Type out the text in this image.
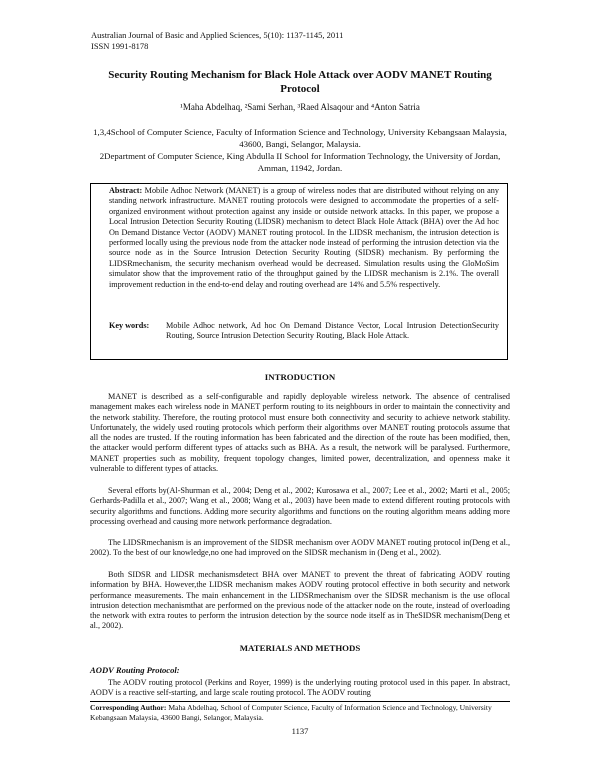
Australian Journal of Basic and Applied Sciences, 5(10): 1137-1145, 2011
ISSN 1991-8178
Security Routing Mechanism for Black Hole Attack over AODV MANET Routing Protocol
¹Maha Abdelhaq, ²Sami Serhan, ³Raed Alsaqour and ⁴Anton Satria
1,3,4School of Computer Science, Faculty of Information Science and Technology, University Kebangsaan Malaysia, 43600, Bangi, Selangor, Malaysia.
2Department of Computer Science, King Abdulla II School for Information Technology, the University of Jordan, Amman, 11942, Jordan.
Abstract: Mobile Adhoc Network (MANET) is a group of wireless nodes that are distributed without relying on any standing network infrastructure. MANET routing protocols were designed to accommodate the properties of a self-organized environment without protection against any inside or outside network attacks. In this paper, we propose a Local Intrusion Detection Security Routing (LIDSR) mechanism to detect Black Hole Attack (BHA) over the Ad hoc On Demand Distance Vector (AODV) MANET routing protocol. In the LIDSR mechanism, the intrusion detection is performed locally using the previous node from the attacker node instead of performing the intrusion detection via the source node as in the Source Intrusion Detection Security Routing (SIDSR) mechanism. By performing the LIDSRmechanism, the security mechanism overhead would be decreased. Simulation results using the GloMoSim simulator show that the improvement ratio of the throughput gained by the LIDSR mechanism is 2.1%. The overall improvement reduction in the end-to-end delay and routing overhead are 14% and 5.5% respectively.
Key words: Mobile Adhoc network, Ad hoc On Demand Distance Vector, Local Intrusion DetectionSecurity Routing, Source Intrusion Detection Security Routing, Black Hole Attack.
INTRODUCTION
MANET is described as a self-configurable and rapidly deployable wireless network. The absence of centralised management makes each wireless node in MANET perform routing to its neighbours in order to maintain the connectivity and the network stability. Therefore, the routing protocol must ensure both connectivity and security to achieve network stability. Unfortunately, the widely used routing protocols which perform their algorithms over MANET routing protocols assume that all the nodes are trusted. If the routing information has been fabricated and the direction of the route has been modified, then, the attacker would perform different types of attacks such as BHA. As a result, the network will be paralysed. Furthermore, MANET properties such as mobility, frequent topology changes, limited power, decentralization, and openness make it vulnerable to different types of attacks.
Several efforts by(Al-Shurman et al., 2004; Deng et al., 2002; Kurosawa et al., 2007; Lee et al., 2002; Marti et al., 2005; Gerhards-Padilla et al., 2007; Wang et al., 2008; Wang et al., 2003) have been made to extend different routing protocols with security algorithms and functions. Adding more security algorithms and functions on the routing algorithm means adding more processing overhead and causing more network performance degradation.
The LIDSRmechanism is an improvement of the SIDSR mechanism over AODV MANET routing protocol in(Deng et al., 2002). To the best of our knowledge,no one had improved on the SIDSR mechanism in (Deng et al., 2002).
Both SIDSR and LIDSR mechanismsdetect BHA over MANET to prevent the threat of fabricating AODV routing information by BHA. However,the LIDSR mechanism makes AODV routing protocol effective in both security and network performance measurements. The main enhancement in the LIDSRmechanism over the SIDSR mechanism is the use oflocal intrusion detection mechanismthat are performed on the previous node of the attacker node on the route, instead of overloading the network with extra routes to perform the intrusion detection by the source node itself as in TheSIDSR mechanism(Deng et al., 2002).
MATERIALS AND METHODS
AODV Routing Protocol:
The AODV routing protocol (Perkins and Royer, 1999) is the underlying routing protocol used in this paper. In abstract, AODV is a reactive self-starting, and large scale routing protocol. The AODV routing
Corresponding Author: Maha Abdelhaq, School of Computer Science, Faculty of Information Science and Technology, University Kebangsaan Malaysia, 43600 Bangi, Selangor, Malaysia.
1137
